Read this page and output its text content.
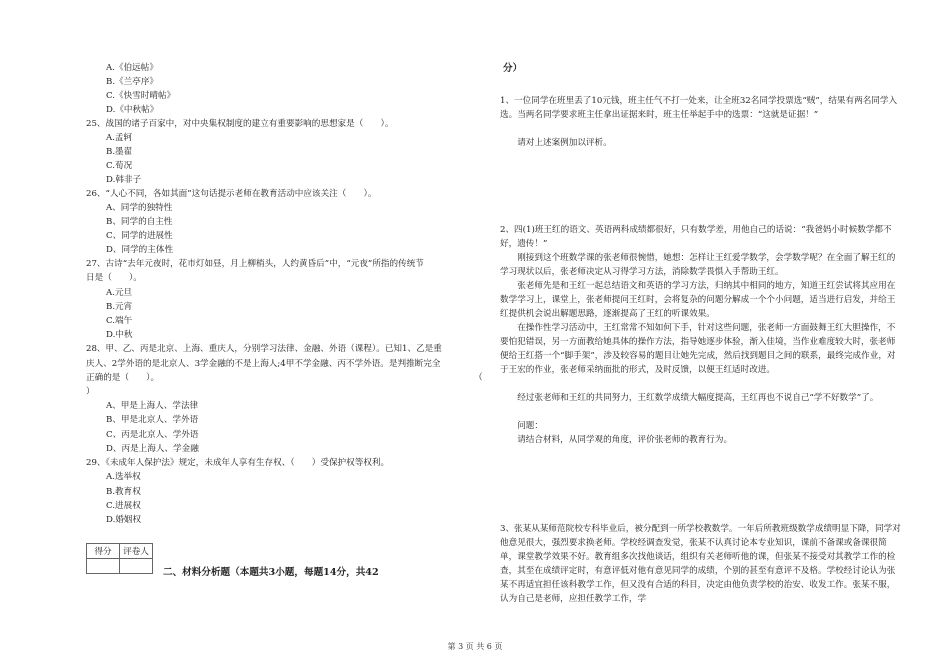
A.《伯远帖》
B.《兰亭序》
C.《快雪时晴帖》
D.《中秋帖》
25、战国的诸子百家中，对中央集权制度的建立有重要影响的思想家是（　　）。
A.孟轲
B.墨翟
C.荀况
D.韩非子
26、“人心不同，各如其面”这句话提示老师在教育活动中应该关注（　　）。
A、同学的独特性
B、同学的自主性
C、同学的进展性
D、同学的主体性
27、古诗“去年元夜时，花市灯如昼，月上柳梢头，人约黄昏后”中，“元夜”所指的传统节
日是（　　）。
A.元旦
B.元宵
C.端午
D.中秋
28、甲、乙、丙是北京、上海、重庆人，分别学习法律、金融、外语（课程）。已知1、乙是重
庆人、2学外语的是北京人、3学金融的不是上海人;4甲不学金融、丙不学外语。是判推断完全
正确的是（　　）。	（
）
A、甲是上海人、学法律
B、甲是北京人、学外语
C、丙是北京人、学外语
D、丙是上海人、学金融
29、《未成年人保护法》规定，未成年人享有生存权、（　　）受保护权等权利。
A.选举权
B.教育权
C.进展权
D.婚姻权
得分	评卷人

二、材料分析题（本题共3小题，每题14分，共42
分）
1、一位同学在班里丢了10元钱，班主任气不打一处来，让全班32名同学投票选“贼”，结果有两名同学入选。当两名同学要求班主任拿出证据来时，班主任举起手中的选票：“这就是证据！”
请对上述案例加以评析。
2、四(1)班王红的语文、英语两科成绩都很好，只有数学差，用他自己的话说：“我爸妈小时候数学都不好，遗传！”
刚接到这个班数学课的张老师很惋惜，她想：怎样让王红爱学数学，会学数学呢？在全面了解王红的学习现状以后，张老师决定从习得学习方法，消除数学畏惧入手帮助王红。
张老师先是和王红一起总结语文和英语的学习方法，归纳其中相同的地方，知道王红尝试将其应用在数学学习上，课堂上，张老师提问王红时，会将复杂的问题分解成一个个小问题，适当进行启发，并给王红提供机会说出解题思路，逐渐提高了王红的听课效果。
在操作性学习活动中，王红常常不知如何下手，针对这些问题，张老师一方面鼓舞王红大胆操作，不要怕犯错误，另一方面教给她具体的操作方法，指导她逐步体验，渐入佳境，当作业难度较大时，张老师便给王红搭一个“脚手架”，涉及较容易的题目让她先完成，然后找到题目之间的联系，最终完成作业，对于王宏的作业，张老师采纳面批的形式，及时反馈，以便王红适时改进。
经过张老师和王红的共同努力，王红数学成绩大幅度提高，王红再也不说自己“学不好数学”了。
问题：
请结合材料，从同学观的角度，评价张老师的教育行为。
3、张某从某师范院校专科毕业后，被分配到一所学校教数学。一年后所教班级数学成绩明显下降，同学对他意见很大，强烈要求换老师。学校经调查发觉，张某不认真讨论本专业知识，课前不备课或备课很简单，课堂教学效果不好。教育组多次找他谈话，组织有关老师听他的课，但张某不接受对其教学工作的检查，其至在成绩评定时，有意评低对他有意见同学的成绩，个别的甚至有意评不及格。学校经讨论认为张某不再适宜担任该科教学工作，但又没有合适的科目，决定由他负责学校的治安、收发工作。张某不服，认为自己是老师，应担任教学工作，学
第 3 页 共 6 页
